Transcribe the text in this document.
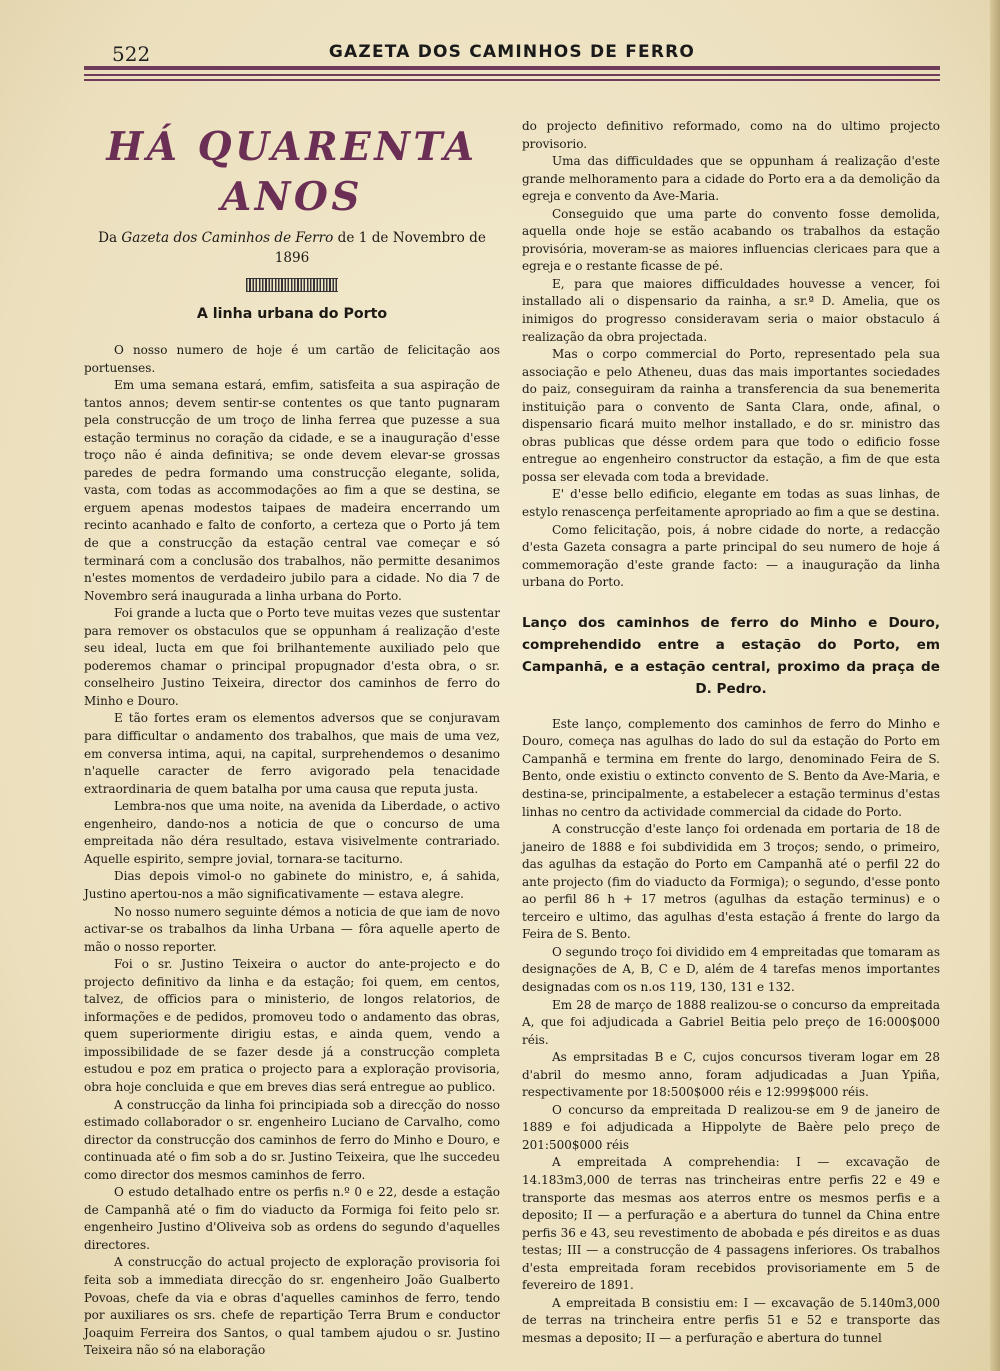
522	GAZETA DOS CAMINHOS DE FERRO
HÁ QUARENTA ANOS
Da Gazeta dos Caminhos de Ferro de 1 de Novembro de 1896
A linha urbana do Porto

O nosso numero de hoje é um cartão de felicitação aos portuenses.

Em uma semana estará, emfim, satisfeita a sua aspiração de tantos annos; devem sentir-se contentes os que tanto pugnaram pela construcção de um troço de linha ferrea que puzesse a sua estação terminus no coração da cidade, e se a inauguração d'esse troço não é ainda definitiva; se onde devem elevar-se grossas paredes de pedra formando uma construcção elegante, solida, vasta, com todas as accommodações ao fim a que se destina, se erguem apenas modestos taipaes de madeira encerrando um recinto acanhado e falto de conforto, a certeza que o Porto já tem de que a construcção da estação central vae começar e só terminará com a conclusão dos trabalhos, não permitte desanimos n'estes momentos de verdadeiro jubilo para a cidade. No dia 7 de Novembro será inaugurada a linha urbana do Porto.

Foi grande a lucta que o Porto teve muitas vezes que sustentar para remover os obstaculos que se oppunham á realização d'este seu ideal, lucta em que foi brilhantemente auxiliado pelo que poderemos chamar o principal propugnador d'esta obra, o sr. conselheiro Justino Teixeira, director dos caminhos de ferro do Minho e Douro.

E tão fortes eram os elementos adversos que se conjuravam para difficultar o andamento dos trabalhos, que mais de uma vez, em conversa intima, aqui, na capital, surprehendemos o desanimo n'aquelle caracter de ferro avigorado pela tenacidade extraordinaria de quem batalha por uma causa que reputa justa.

Lembra-nos que uma noite, na avenida da Liberdade, o activo engenheiro, dando-nos a noticia de que o concurso de uma empreitada não déra resultado, estava visivelmente contrariado. Aquelle espirito, sempre jovial, tornara-se taciturno.

Dias depois vimol-o no gabinete do ministro, e, á sahida, Justino apertou-nos a mão significativamente — estava alegre.

No nosso numero seguinte démos a noticia de que iam de novo activar-se os trabalhos da linha Urbana — fôra aquelle aperto de mão o nosso reporter.

Foi o sr. Justino Teixeira o auctor do ante-projecto e do projecto definitivo da linha e da estação; foi quem, em centos, talvez, de officios para o ministerio, de longos relatorios, de informações e de pedidos, promoveu todo o andamento das obras, quem superiormente dirigiu estas, e ainda quem, vendo a impossibilidade de se fazer desde já a construcção completa estudou e poz em pratica o projecto para a exploração provisoria, obra hoje concluida e que em breves dias será entregue ao publico.

A construcção da linha foi principiada sob a direcção do nosso estimado collaborador o sr. engenheiro Luciano de Carvalho, como director da construcção dos caminhos de ferro do Minho e Douro, e continuada até o fim sob a do sr. Justino Teixeira, que lhe succedeu como director dos mesmos caminhos de ferro.

O estudo detalhado entre os perfis n.º 0 e 22, desde a estação de Campanhã até o fim do viaducto da Formiga foi feito pelo sr. engenheiro Justino d'Oliveiva sob as ordens do segundo d'aquelles directores.

A construcção do actual projecto de exploração provisoria foi feita sob a immediata direcção do sr. engenheiro João Gualberto Povoas, chefe da via e obras d'aquelles caminhos de ferro, tendo por auxiliares os srs. chefe de repartição Terra Brum e conductor Joaquim Ferreira dos Santos, o qual tambem ajudou o sr. Justino Teixeira não só na elaboração

do projecto definitivo reformado, como na do ultimo projecto provisorio.

Uma das difficuldades que se oppunham á realização d'este grande melhoramento para a cidade do Porto era a da demolição da egreja e convento da Ave-Maria.

Conseguido que uma parte do convento fosse demolida, aquella onde hoje se estão acabando os trabalhos da estação provisória, moveram-se as maiores influencias clericaes para que a egreja e o restante ficasse de pé.

E, para que maiores difficuldades houvesse a vencer, foi installado ali o dispensario da rainha, a sr.ª D. Amelia, que os inimigos do progresso consideravam seria o maior obstaculo á realização da obra projectada.

Mas o corpo commercial do Porto, representado pela sua associação e pelo Atheneu, duas das mais importantes sociedades do paiz, conseguiram da rainha a transferencia da sua benemerita instituição para o convento de Santa Clara, onde, afinal, o dispensario ficará muito melhor installado, e do sr. ministro das obras publicas que désse ordem para que todo o edificio fosse entregue ao engenheiro constructor da estação, a fim de que esta possa ser elevada com toda a brevidade.

E' d'esse bello edificio, elegante em todas as suas linhas, de estylo renascença perfeitamente apropriado ao fim a que se destina.

Como felicitação, pois, á nobre cidade do norte, a redacção d'esta Gazeta consagra a parte principal do seu numero de hoje á commemoração d'este grande facto: — a inauguração da linha urbana do Porto.

Lanço dos caminhos de ferro do Minho e Douro, comprehendido entre a estação do Porto, em Campanhã, e a estação central, proximo da praça de D. Pedro.

Este lanço, complemento dos caminhos de ferro do Minho e Douro, começa nas agulhas do lado do sul da estação do Porto em Campanhã e termina em frente do largo, denominado Feira de S. Bento, onde existiu o extincto convento de S. Bento da Ave-Maria, e destina-se, principalmente, a estabelecer a estação terminus d'estas linhas no centro da actividade commercial da cidade do Porto.

A construcção d'este lanço foi ordenada em portaria de 18 de janeiro de 1888 e foi subdividida em 3 troços; sendo, o primeiro, das agulhas da estação do Porto em Campanhã até o perfil 22 do ante projecto (fim do viaducto da Formiga); o segundo, d'esse ponto ao perfil 86 h + 17 metros (agulhas da estação terminus) e o terceiro e ultimo, das agulhas d'esta estação á frente do largo da Feira de S. Bento.

O segundo troço foi dividido em 4 empreitadas que tomaram as designações de A, B, C e D, além de 4 tarefas menos importantes designadas com os n.os 119, 130, 131 e 132.

Em 28 de março de 1888 realizou-se o concurso da empreitada A, que foi adjudicada a Gabriel Beitia pelo preço de 16:000$000 réis.

As emprsitadas B e C, cujos concursos tiveram logar em 28 d'abril do mesmo anno, foram adjudicadas a Juan Ypiña, respectivamente por 18:500$000 réis e 12:999$000 réis.

O concurso da empreitada D realizou-se em 9 de janeiro de 1889 e foi adjudicada a Hippolyte de Baère pelo preço de 201:500$000 réis

A empreitada A comprehendia: I — excavação de 14.183m3,000 de terras nas trincheiras entre perfis 22 e 49 e transporte das mesmas aos aterros entre os mesmos perfis e a deposito; II — a perfuração e a abertura do tunnel da China entre perfis 36 e 43, seu revestimento de abobada e pés direitos e as duas testas; III — a construcção de 4 passagens inferiores. Os trabalhos d'esta empreitada foram recebidos provisoriamente em 5 de fevereiro de 1891.

A empreitada B consistiu em: I — excavação de 5.140m3,000 de terras na trincheira entre perfis 51 e 52 e transporte das mesmas a deposito; II — a perfuração e abertura do tunnel
